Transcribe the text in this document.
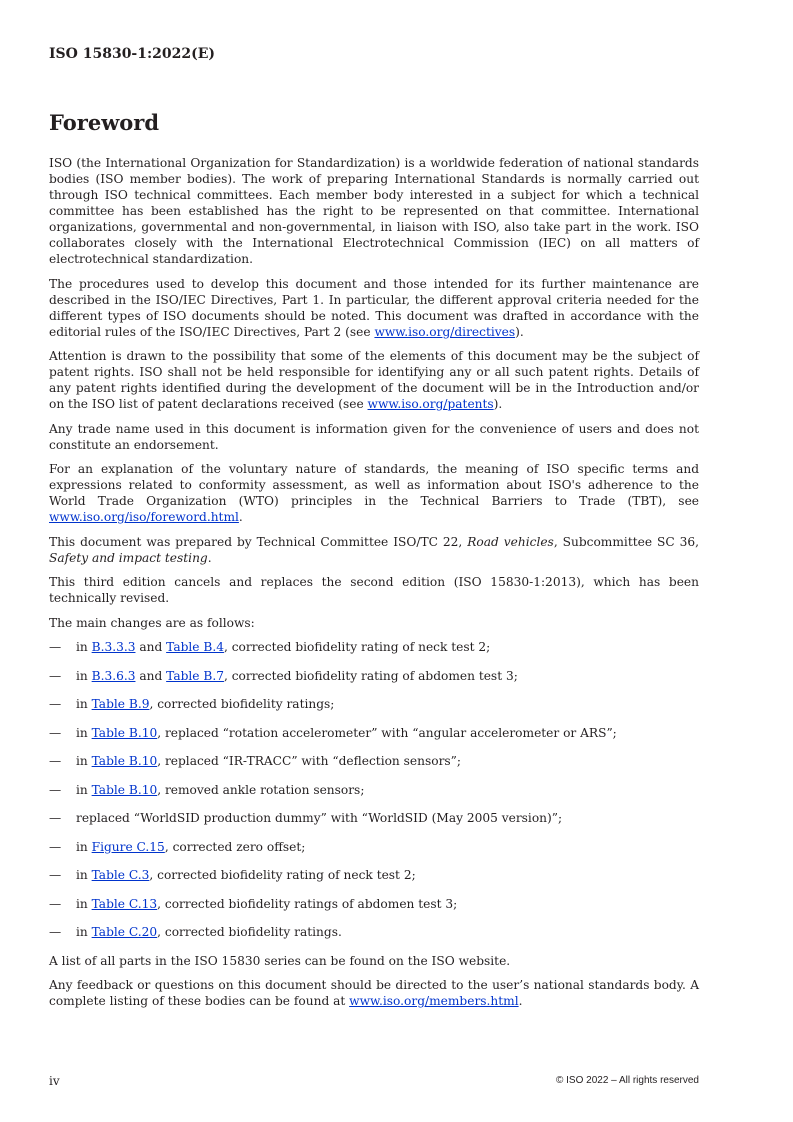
ISO 15830-1:2022(E)
Foreword

ISO (the International Organization for Standardization) is a worldwide federation of national standards bodies (ISO member bodies). The work of preparing International Standards is normally carried out through ISO technical committees. Each member body interested in a subject for which a technical committee has been established has the right to be represented on that committee. International organizations, governmental and non-governmental, in liaison with ISO, also take part in the work. ISO collaborates closely with the International Electrotechnical Commission (IEC) on all matters of electrotechnical standardization.

The procedures used to develop this document and those intended for its further maintenance are described in the ISO/IEC Directives, Part 1. In particular, the different approval criteria needed for the different types of ISO documents should be noted. This document was drafted in accordance with the editorial rules of the ISO/IEC Directives, Part 2 (see www.iso.org/directives).

Attention is drawn to the possibility that some of the elements of this document may be the subject of patent rights. ISO shall not be held responsible for identifying any or all such patent rights. Details of any patent rights identified during the development of the document will be in the Introduction and/or on the ISO list of patent declarations received (see www.iso.org/patents).

Any trade name used in this document is information given for the convenience of users and does not constitute an endorsement.

For an explanation of the voluntary nature of standards, the meaning of ISO specific terms and expressions related to conformity assessment, as well as information about ISO's adherence to the World Trade Organization (WTO) principles in the Technical Barriers to Trade (TBT), see www.iso.org/iso/foreword.html.

This document was prepared by Technical Committee ISO/TC 22, Road vehicles, Subcommittee SC 36, Safety and impact testing.

This third edition cancels and replaces the second edition (ISO 15830-1:2013), which has been technically revised.

The main changes are as follows:

—	in B.3.3.3 and Table B.4, corrected biofidelity rating of neck test 2;
—	in B.3.6.3 and Table B.7, corrected biofidelity rating of abdomen test 3;
—	in Table B.9, corrected biofidelity ratings;
—	in Table B.10, replaced “rotation accelerometer” with “angular accelerometer or ARS”;
—	in Table B.10, replaced “IR-TRACC” with “deflection sensors”;
—	in Table B.10, removed ankle rotation sensors;
—	replaced “WorldSID production dummy” with “WorldSID (May 2005 version)”;
—	in Figure C.15, corrected zero offset;
—	in Table C.3, corrected biofidelity rating of neck test 2;
—	in Table C.13, corrected biofidelity ratings of abdomen test 3;
—	in Table C.20, corrected biofidelity ratings.

A list of all parts in the ISO 15830 series can be found on the ISO website.

Any feedback or questions on this document should be directed to the user’s national standards body. A complete listing of these bodies can be found at www.iso.org/members.html.

iv	© ISO 2022 – All rights reserved
